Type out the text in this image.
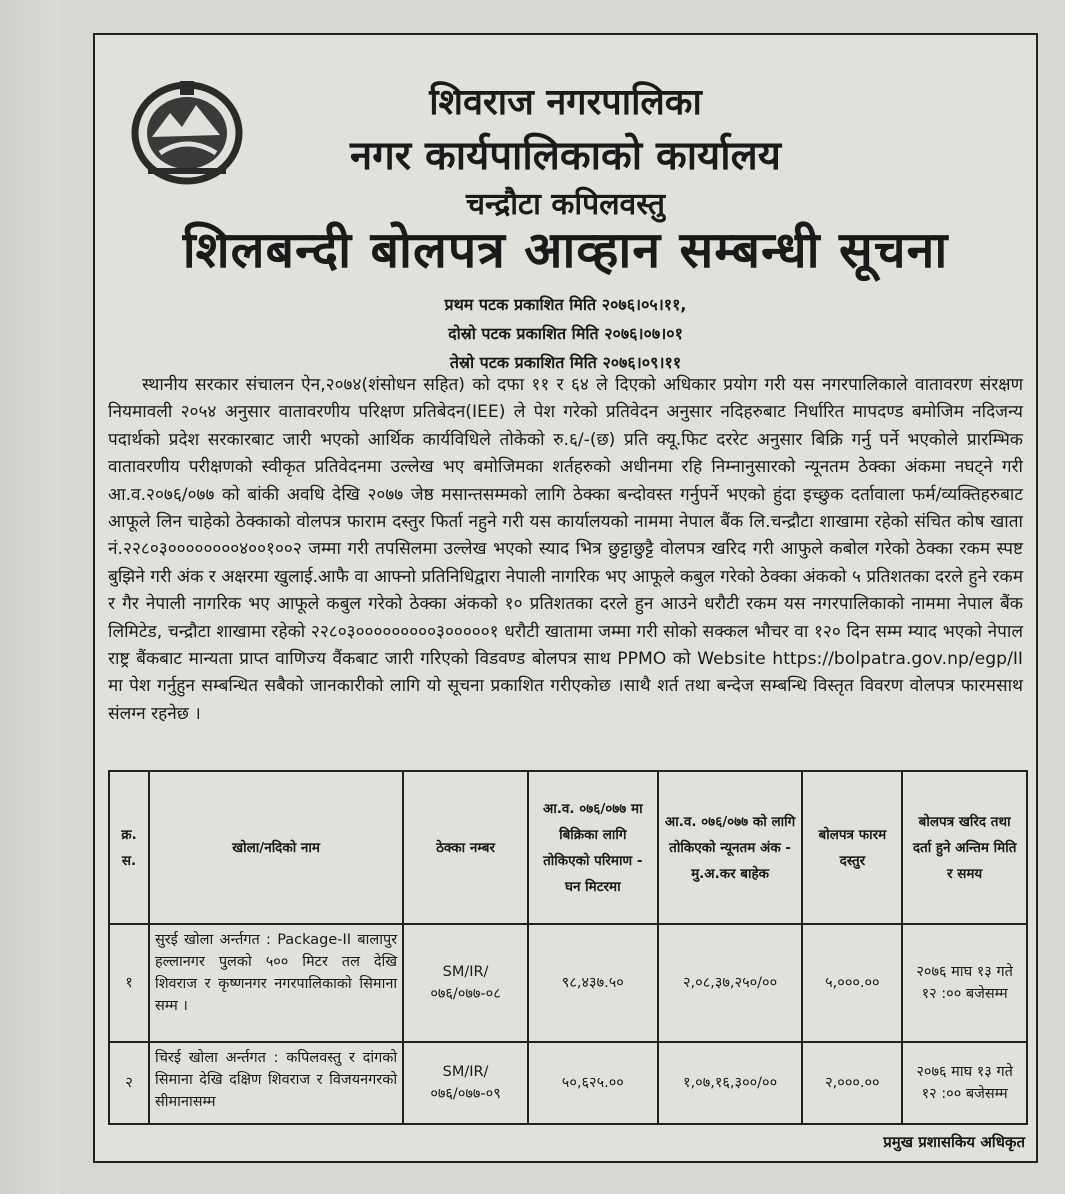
शिवराज नगरपालिका
नगर कार्यपालिकाको कार्यालय
चन्द्रौटा कपिलवस्तु
शिलबन्दी बोलपत्र आव्हान सम्बन्धी सूचना
प्रथम पटक प्रकाशित मिति २०७६।०५।११,
दोस्रो पटक प्रकाशित मिति २०७६।०७।०१
तेस्रो पटक प्रकाशित मिति २०७६।०९।११
स्थानीय सरकार संचालन ऐन,२०७४(शंसोधन सहित) को दफा ११ र ६४ ले दिएको अधिकार प्रयोग गरी यस नगरपालिकाले वातावरण संरक्षण नियमावली २०५४ अनुसार वातावरणीय परिक्षण प्रतिबेदन(IEE) ले पेश गरेको प्रतिवेदन अनुसार नदिहरुबाट निर्धारित मापदण्ड बमोजिम नदिजन्य पदार्थको प्रदेश सरकारबाट जारी भएको आर्थिक कार्यविधिले तोकेको रु.६/-(छ) प्रति क्यू.फिट दररेट अनुसार बिक्रि गर्नु पर्ने भएकोले प्रारम्भिक वातावरणीय परीक्षणको स्वीकृत प्रतिवेदनमा उल्लेख भए बमोजिमका शर्तहरुको अधीनमा रहि निम्नानुसारको न्यूनतम ठेक्का अंकमा नघट्ने गरी आ.व.२०७६/०७७ को बांकी अवधि देखि २०७७ जेष्ठ मसान्तसम्मको लागि ठेक्का बन्दोवस्त गर्नुपर्ने भएको हुंदा इच्छुक दर्तावाला फर्म/व्यक्तिहरुबाट आफूले लिन चाहेको ठेक्काको वोलपत्र फाराम दस्तुर फिर्ता नहुने गरी यस कार्यालयको नाममा नेपाल बैंक लि.चन्द्रौटा शाखामा रहेको संचित कोष खाता नं.२२८०३००००००००४००१००२ जम्मा गरी तपसिलमा उल्लेख भएको स्याद भित्र छुट्टाछुट्टै वोलपत्र खरिद गरी आफुले कबोल गरेको ठेक्का रकम स्पष्ट बुझिने गरी अंक र अक्षरमा खुलाई.आफै वा आफ्नो प्रतिनिधिद्वारा नेपाली नागरिक भए आफूले कबुल गरेको ठेक्का अंकको ५ प्रतिशतका दरले हुने रकम र गैर नेपाली नागरिक भए आफूले कबुल गरेको ठेक्का अंकको १० प्रतिशतका दरले हुन आउने धरौटी रकम यस नगरपालिकाको नाममा नेपाल बैंक लिमिटेड, चन्द्रौटा शाखामा रहेको २२८०३०००००००००३०००००१ धरौटी खातामा जम्मा गरी सोको सक्कल भौचर वा १२० दिन सम्म म्याद भएको नेपाल राष्ट्र बैंकबाट मान्यता प्राप्त वाणिज्य वैंकबाट जारी गरिएको विडवण्ड बोलपत्र साथ PPMO को Website https://bolpatra.gov.np/egp/II मा पेश गर्नुहुन सम्बन्धित सबैको जानकारीको लागि यो सूचना प्रकाशित गरीएकोछ ।साथै शर्त तथा बन्देज सम्बन्धि विस्तृत विवरण वोलपत्र फारमसाथ संलग्न रहनेछ ।
क्र. स.	खोला/नदिको नाम	ठेक्का नम्बर	आ.व. ०७६/०७७ मा बिक्रिका लागि तोकिएको परिमाण - घन मिटरमा	आ.व. ०७६/०७७ को लागि तोकिएको न्यूनतम अंक - मु.अ.कर बाहेक	बोलपत्र फारम दस्तुर	बोलपत्र खरिद तथा दर्ता हुने अन्तिम मिति र समय
१	सुरई खोला अर्न्तगत : Package-II बालापुर हल्लानगर पुलको ५०० मिटर तल देखि शिवराज र कृष्णनगर नगरपालिकाको सिमाना सम्म ।	SM/IR/ ०७६/०७७-०८	९८,४३७.५०	२,०८,३७,२५०/००	५,०००.००	२०७६ माघ १३ गते १२ :०० बजेसम्म
२	चिरई खोला अर्न्तगत : कपिलवस्तु र दांगको सिमाना देखि दक्षिण शिवराज र विजयनगरको सीमानासम्म	SM/IR/ ०७६/०७७-०९	५०,६२५.००	१,०७,१६,३००/००	२,०००.००	२०७६ माघ १३ गते १२ :०० बजेसम्म
प्रमुख प्रशासकिय अधिकृत
